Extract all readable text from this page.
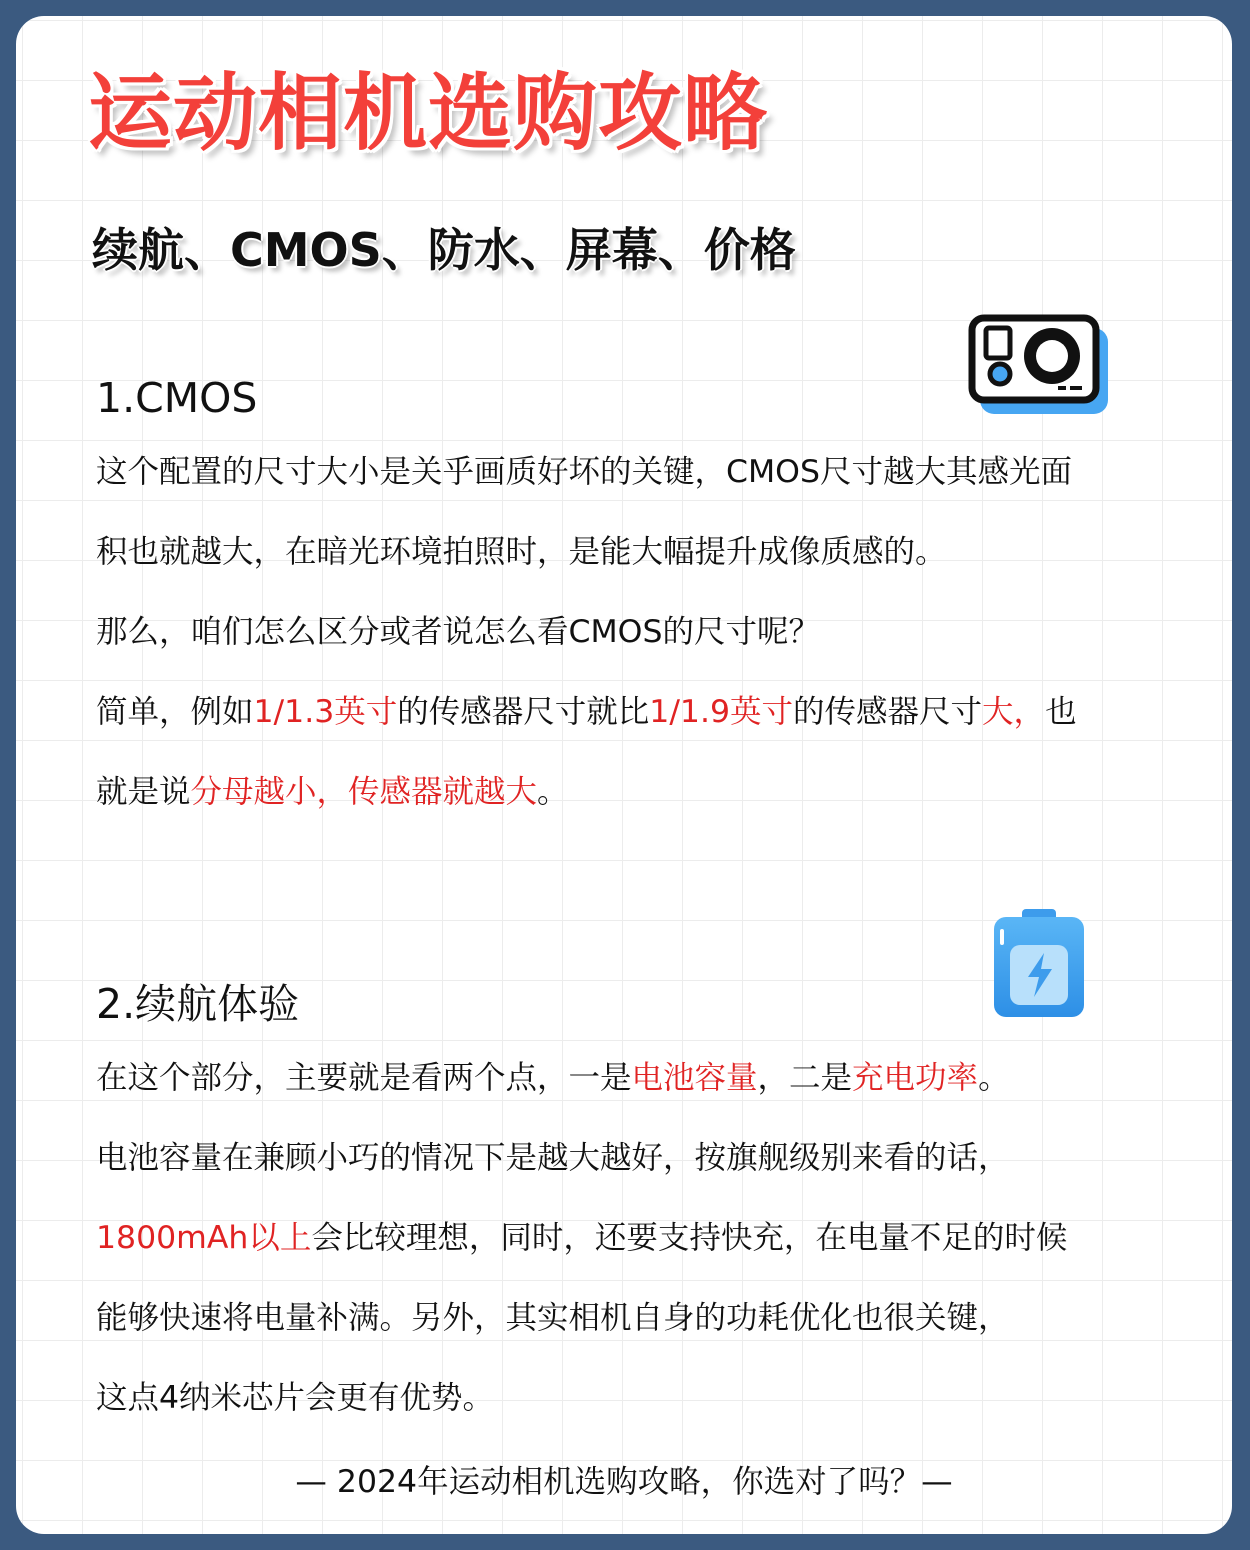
运动相机选购攻略
续航、CMOS、防水、屏幕、价格
1.CMOS

这个配置的尺寸大小是关乎画质好坏的关键，CMOS尺寸越大其感光面

积也就越大，在暗光环境拍照时，是能大幅提升成像质感的。

那么，咱们怎么区分或者说怎么看CMOS的尺寸呢？

简单，例如1/1.3英寸的传感器尺寸就比1/1.9英寸的传感器尺寸大，也

就是说分母越小，传感器就越大。

2.续航体验

在这个部分，主要就是看两个点，一是电池容量，二是充电功率。

电池容量在兼顾小巧的情况下是越大越好，按旗舰级别来看的话，

1800mAh以上会比较理想，同时，还要支持快充，在电量不足的时候

能够快速将电量补满。另外，其实相机自身的功耗优化也很关键，

这点4纳米芯片会更有优势。

— 2024年运动相机选购攻略，你选对了吗？—
